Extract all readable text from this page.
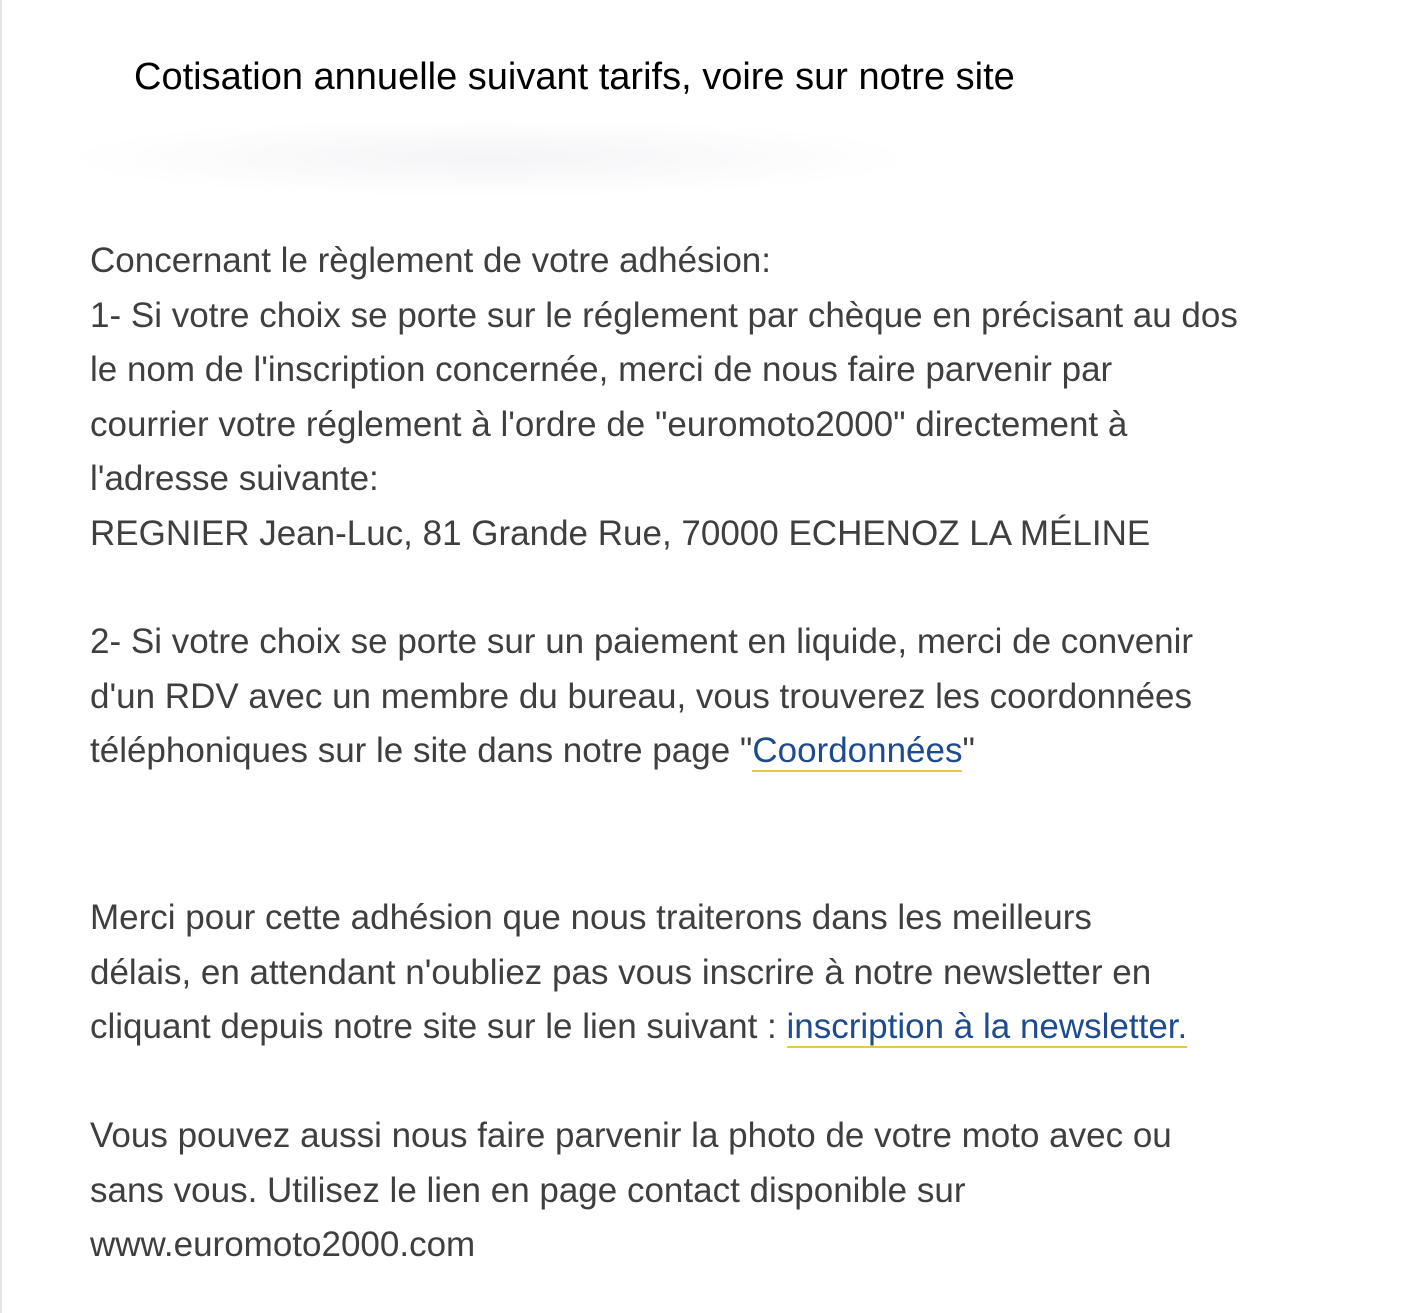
Cotisation annuelle suivant tarifs, voire sur notre site
Concernant le règlement de votre adhésion:
1- Si votre choix se porte sur le réglement par chèque en précisant au dos
le nom de l'inscription concernée, merci de nous faire parvenir par
courrier votre réglement à l'ordre de "euromoto2000" directement à
l'adresse suivante:
REGNIER Jean-Luc, 81 Grande Rue, 70000 ECHENOZ LA MÉLINE
2- Si votre choix se porte sur un paiement en liquide, merci de convenir
d'un RDV avec un membre du bureau, vous trouverez les coordonnées
téléphoniques sur le site dans notre page "Coordonnées"
Merci pour cette adhésion que nous traiterons dans les meilleurs
délais, en attendant n'oubliez pas vous inscrire à notre newsletter en
cliquant depuis notre site sur le lien suivant : inscription à la newsletter.
Vous pouvez aussi nous faire parvenir la photo de votre moto avec ou
sans vous. Utilisez le lien en page contact disponible sur
www.euromoto2000.com
